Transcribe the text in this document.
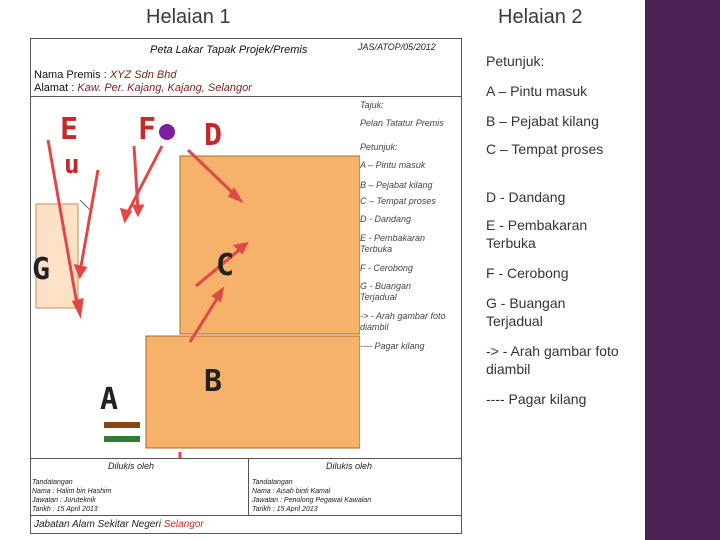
Helaian 1	Helaian 2
JAS/ATOP/05/2012
Peta Lakar Tapak Projek/Premis
Nama Premis : XYZ Sdn Bhd
Alamat : Kaw. Per. Kajang, Kajang, Selangor
Tajuk:
Pelan Tatatur Premis
Petunjuk:
A – Pintu masuk
B – Pejabat kilang
C – Tempat proses
D - Dandang
E - Pembakaran Terbuka
F - Cerobong
G - Buangan Terjadual
-> - Arah gambar foto diambil
---- Pagar kilang
E F D
u
G	C
B
A
Dilukis oleh	Dilukis oleh
Tandatangan
Nama : Halim bin Hashim
Jawatan : Juruteknik
Tarikh : 15 April 2013
Tandatangan
Nama : Aisah binti Kamal
Jawatan : Penolong Pegawai Kawalan
Tarikh : 15 April 2013
Jabatan Alam Sekitar Negeri Selangor
Petunjuk:
A – Pintu masuk
B – Pejabat kilang
C – Tempat proses
D - Dandang
E - Pembakaran Terbuka
F - Cerobong
G - Buangan Terjadual
-> - Arah gambar foto diambil
---- Pagar kilang
